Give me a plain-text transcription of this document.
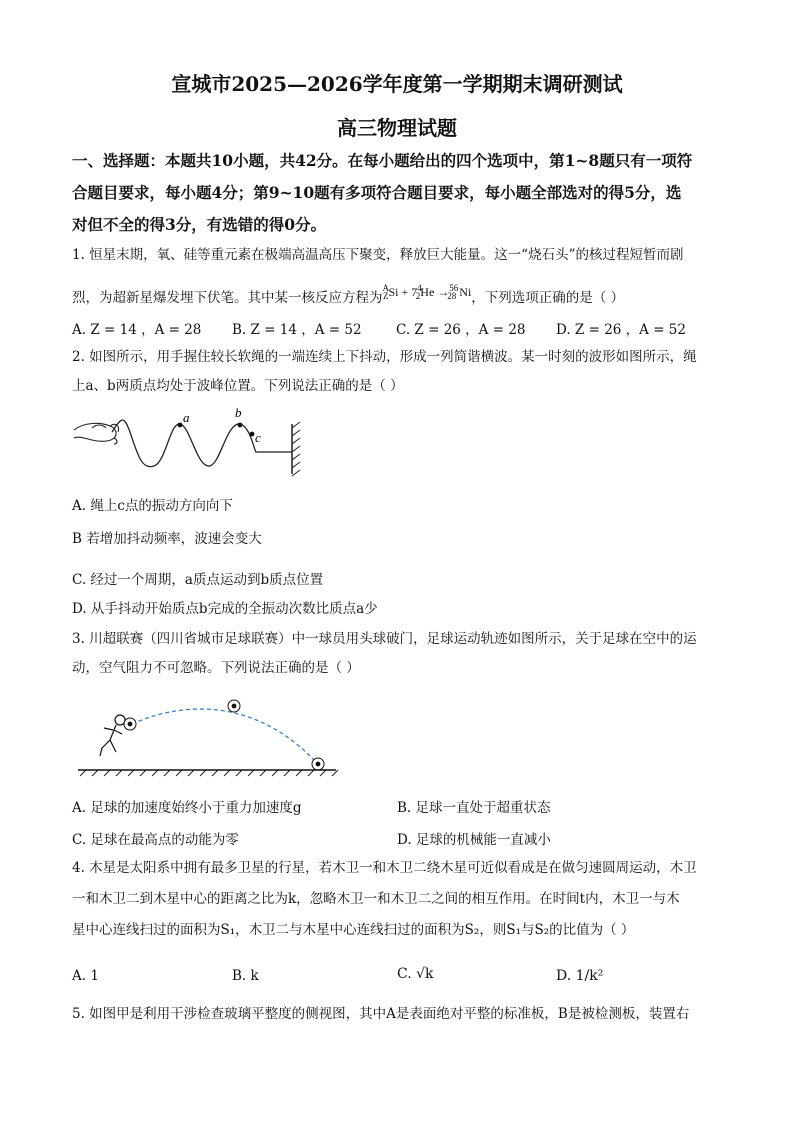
宣城市2025—2026学年度第一学期期末调研测试
高三物理试题
一、选择题：本题共10小题，共42分。在每小题给出的四个选项中，第1~8题只有一项符
合题目要求，每小题4分；第9~10题有多项符合题目要求，每小题全部选对的得5分，选
对但不全的得3分，有选错的得0分。
1. 恒星末期，氧、硅等重元素在极端高温高压下聚变，释放巨大能量。这一“烧石头”的核过程短暂而剧
烈，为超新星爆发埋下伏笔。其中某一核反应方程为$^A_ZSi + 7^4_2He \to^{56}_{28}$ Ni，下列选项正确的是（ ）
A. Z = 14 ，A = 28 B. Z = 14 ，A = 52	C. Z = 26 ，A = 28 D. Z = 26 ，A = 52
2. 如图所示，用手握住较长软绳的一端连续上下抖动，形成一列简谐横波。某一时刻的波形如图所示，绳
上a、b两质点均处于波峰位置。下列说法正确的是（ ）
a	b
c
A. 绳上c点的振动方向向下
B 若增加抖动频率，波速会变大
C. 经过一个周期，a质点运动到b质点位置
D. 从手抖动开始质点b完成的全振动次数比质点a少
3. 川超联赛（四川省城市足球联赛）中一球员用头球破门，足球运动轨迹如图所示，关于足球在空中的运
动，空气阻力不可忽略。下列说法正确的是（ ）
A. 足球的加速度始终小于重力加速度g	B. 足球一直处于超重状态
C. 足球在最高点的动能为零	D. 足球的机械能一直减小
4. 木星是太阳系中拥有最多卫星的行星，若木卫一和木卫二绕木星可近似看成是在做匀速圆周运动，木卫
一和木卫二到木星中心的距离之比为k，忽略木卫一和木卫二之间的相互作用。在时间t内，木卫一与木
星中心连线扫过的面积为S₁，木卫二与木星中心连线扫过的面积为S₂，则S₁与S₂的比值为（ ）
A. 1	B. k	C. √k	D. 1/k²
5. 如图甲是利用干涉检查玻璃平整度的侧视图，其中A是表面绝对平整的标准板，B是被检测板，装置右
